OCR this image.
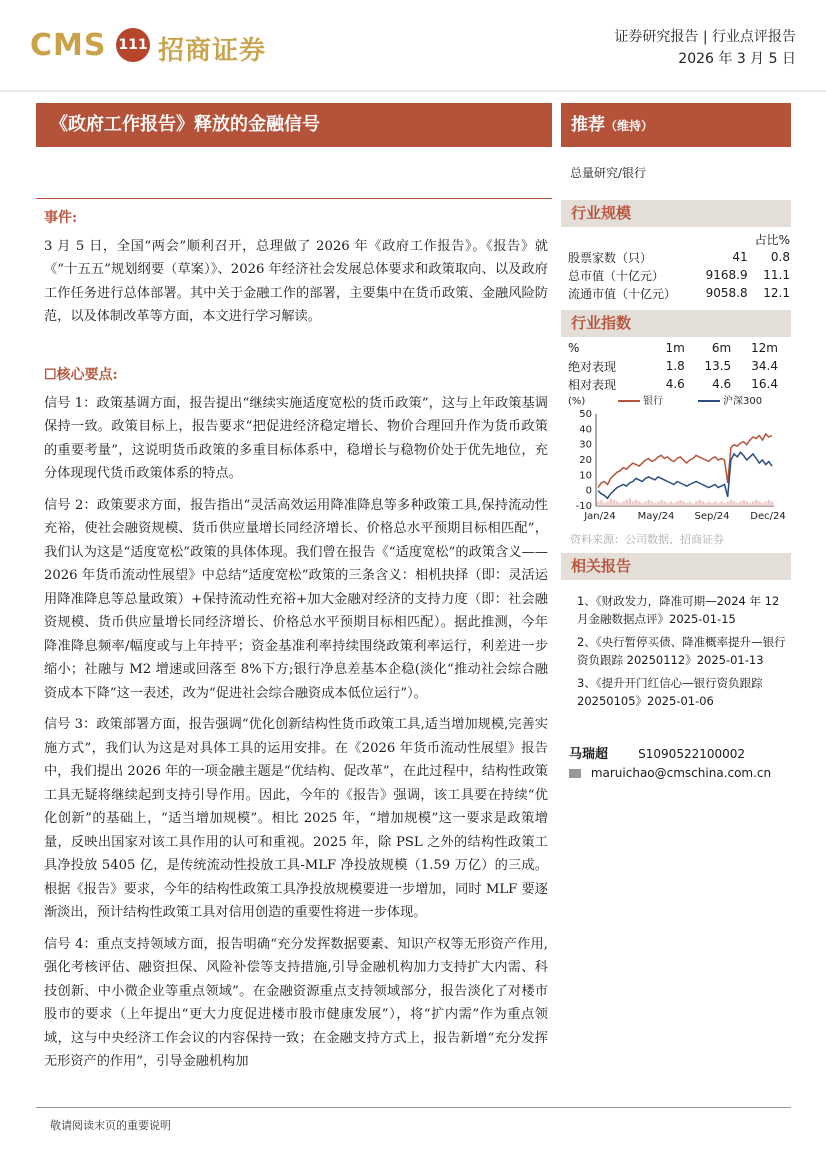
CMS 111 招商证券	证券研究报告 | 行业点评报告
2026 年 3 月 5 日
《政府工作报告》释放的金融信号	推荐（维持）
总量研究/银行
事件:

3 月 5 日，全国“两会”顺利召开，总理做了 2026 年《政府工作报告》。《报告》就《“十五五”规划纲要（草案）》、2026 年经济社会发展总体要求和政策取向、以及政府工作任务进行总体部署。其中关于金融工作的部署，主要集中在货币政策、金融风险防范，以及体制改革等方面，本文进行学习解读。

☐核心要点:

信号 1：政策基调方面，报告提出“继续实施适度宽松的货币政策”，这与上年政策基调保持一致。政策目标上，报告要求“把促进经济稳定增长、物价合理回升作为货币政策的重要考量”，这说明货币政策的多重目标体系中，稳增长与稳物价处于优先地位，充分体现现代货币政策体系的特点。

信号 2：政策要求方面，报告指出“灵活高效运用降准降息等多种政策工具,保持流动性充裕，使社会融资规模、货币供应量增长同经济增长、价格总水平预期目标相匹配”，我们认为这是“适度宽松”政策的具体体现。我们曾在报告《“适度宽松”的政策含义——2026 年货币流动性展望》中总结“适度宽松”政策的三条含义：相机抉择（即：灵活运用降准降息等总量政策）+保持流动性充裕+加大金融对经济的支持力度（即：社会融资规模、货币供应量增长同经济增长、价格总水平预期目标相匹配）。据此推测，今年降准降息频率/幅度或与上年持平；资金基准利率持续围绕政策利率运行，利差进一步缩小；社融与 M2 增速或回落至 8%下方;银行净息差基本企稳(淡化“推动社会综合融资成本下降”这一表述，改为“促进社会综合融资成本低位运行”）。

信号 3：政策部署方面，报告强调“优化创新结构性货币政策工具,适当增加规模,完善实施方式”，我们认为这是对具体工具的运用安排。在《2026 年货币流动性展望》报告中，我们提出 2026 年的一项金融主题是“优结构、促改革”，在此过程中，结构性政策工具无疑将继续起到支持引导作用。因此，今年的《报告》强调，该工具要在持续“优化创新”的基础上，“适当增加规模”。相比 2025 年，“增加规模”这一要求是政策增量，反映出国家对该工具作用的认可和重视。2025 年，除 PSL 之外的结构性政策工具净投放 5405 亿，是传统流动性投放工具-MLF 净投放规模（1.59 万亿）的三成。根据《报告》要求，今年的结构性政策工具净投放规模要进一步增加，同时 MLF 要逐渐淡出，预计结构性政策工具对信用创造的重要性将进一步体现。

信号 4：重点支持领域方面，报告明确“充分发挥数据要素、知识产权等无形资产作用,强化考核评估、融资担保、风险补偿等支持措施,引导金融机构加力支持扩大内需、科技创新、中小微企业等重点领域”。在金融资源重点支持领域部分，报告淡化了对楼市股市的要求（上年提出“更大力度促进楼市股市健康发展”），将“扩内需”作为重点领域，这与中央经济工作会议的内容保持一致；在金融支持方式上，报告新增“充分发挥无形资产的作用”，引导金融机构加

行业规模
		占比%
股票家数（只）	41	0.8
总市值（十亿元）	9168.9	11.1
流通市值（十亿元）	9058.8	12.1
行业指数
%	1m	6m	12m
绝对表现	1.8	13.5	34.4
相对表现	4.6	4.6	16.4
(%)
50
40
30
20
10
0
-10
Jan/24 May/24 Sep/24 Dec/24
银行	沪深300
资料来源：公司数据、招商证券
相关报告
1、《财政发力，降准可期—2024 年 12 月金融数据点评》2025-01-15
2、《央行暂停买债、降准概率提升—银行资负跟踪 20250112》2025-01-13
3、《提升开门红信心—银行资负跟踪 20250105》2025-01-06
马瑞超	S1090522100002
maruichao@cmschina.com.cn
敬请阅读末页的重要说明
